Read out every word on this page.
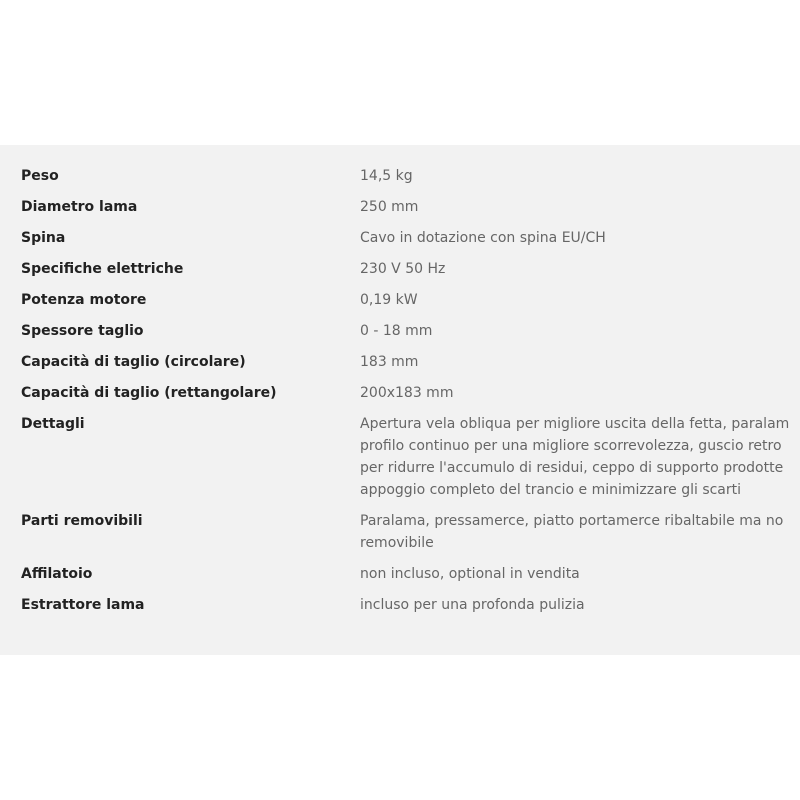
Peso	14,5 kg
Diametro lama	250 mm
Spina	Cavo in dotazione con spina EU/CH
Specifiche elettriche	230 V 50 Hz
Potenza motore	0,19 kW
Spessore taglio	0 - 18 mm
Capacità di taglio (circolare)	183 mm
Capacità di taglio (rettangolare)	200x183 mm
Dettagli	Apertura vela obliqua per migliore uscita della fetta, paralam
profilo continuo per una migliore scorrevolezza, guscio retro
per ridurre l'accumulo di residui, ceppo di supporto prodotte
appoggio completo del trancio e minimizzare gli scarti
Parti removibili	Paralama, pressamerce, piatto portamerce ribaltabile ma no
removibile
Affilatoio	non incluso, optional in vendita
Estrattore lama	incluso per una profonda pulizia
